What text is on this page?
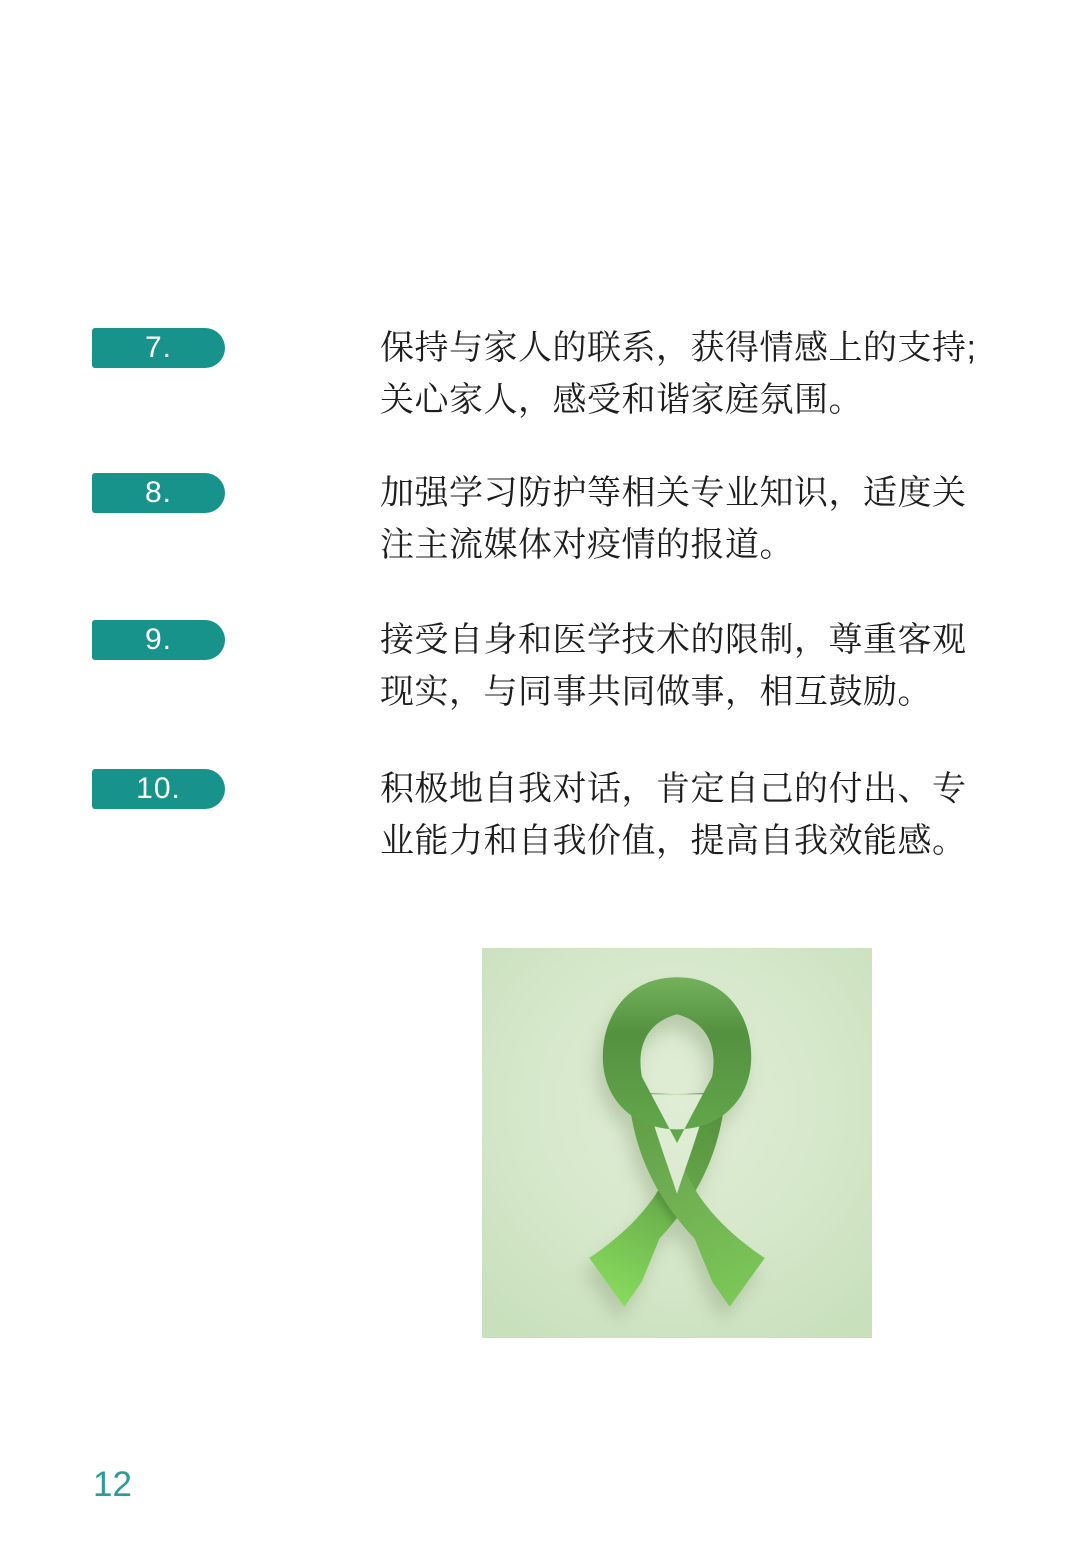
7.	保持与家人的联系，获得情感上的支持;
关心家人，感受和谐家庭氛围。
8.	加强学习防护等相关专业知识，适度关
注主流媒体对疫情的报道。
9.	接受自身和医学技术的限制，尊重客观
现实，与同事共同做事，相互鼓励。
10.	积极地自我对话，肯定自己的付出、专
业能力和自我价值，提高自我效能感。
12
